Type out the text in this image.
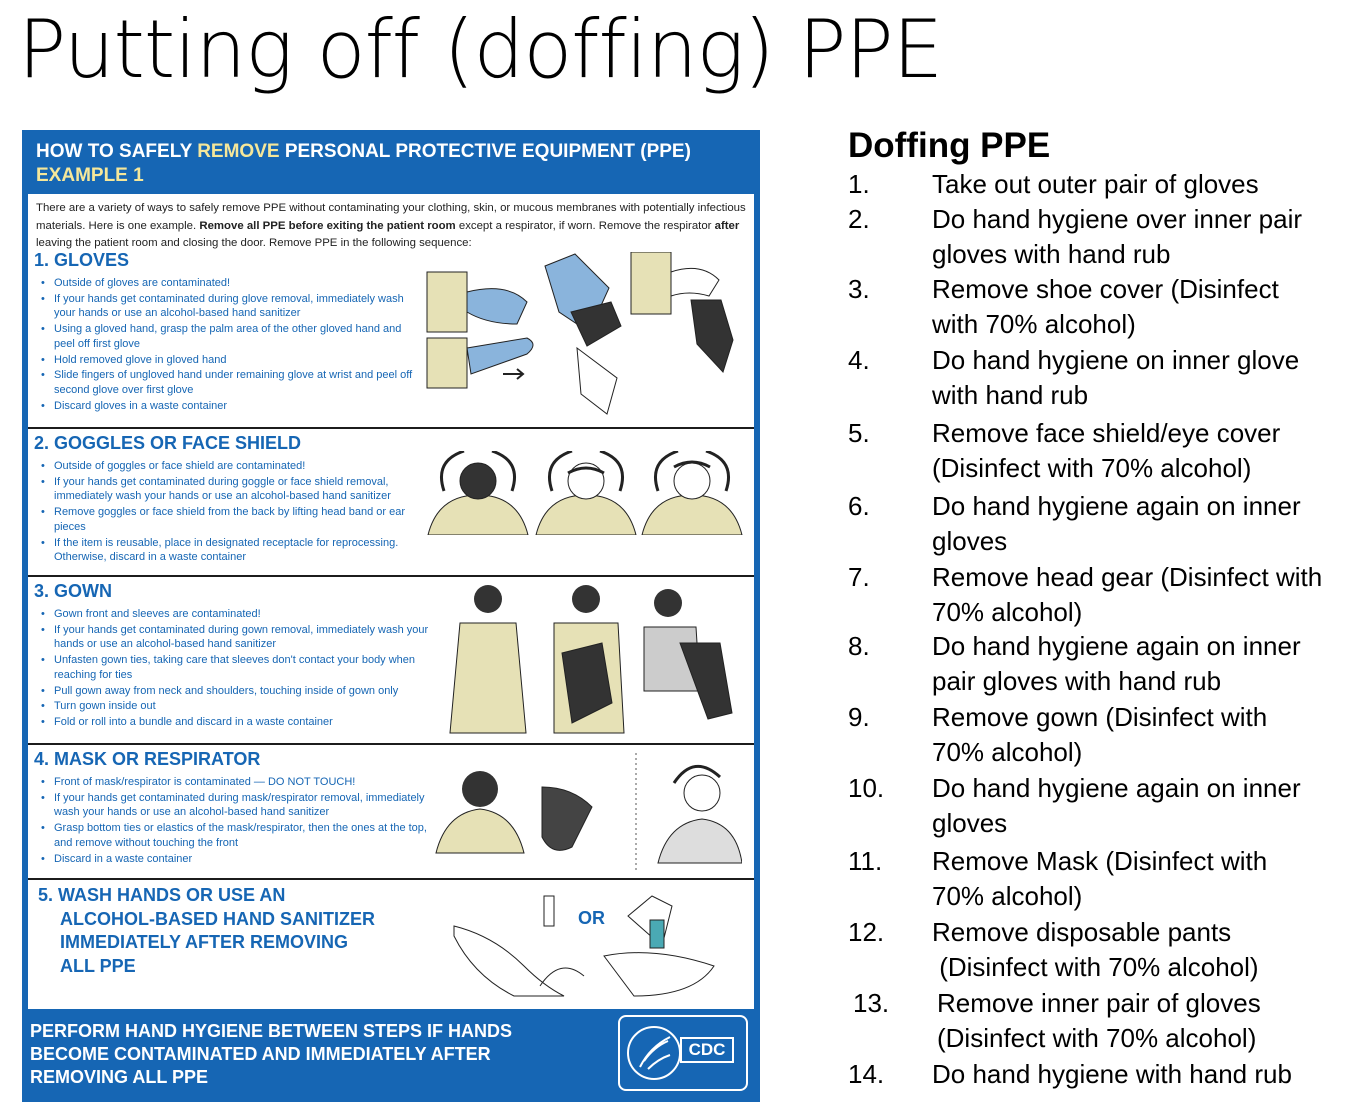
Putting off (doffing) PPE
HOW TO SAFELY REMOVE PERSONAL PROTECTIVE EQUIPMENT (PPE)
EXAMPLE 1

There are a variety of ways to safely remove PPE without contaminating your clothing, skin, or mucous membranes with potentially infectious materials. Here is one example. Remove all PPE before exiting the patient room except a respirator, if worn. Remove the respirator after leaving the patient room and closing the door. Remove PPE in the following sequence:

1. GLOVES
• Outside of gloves are contaminated!
• If your hands get contaminated during glove removal, immediately wash your hands or use an alcohol-based hand sanitizer
• Using a gloved hand, grasp the palm area of the other gloved hand and peel off first glove
• Hold removed glove in gloved hand
• Slide fingers of ungloved hand under remaining glove at wrist and peel off second glove over first glove
• Discard gloves in a waste container
2. GOGGLES OR FACE SHIELD
• Outside of goggles or face shield are contaminated!
• If your hands get contaminated during goggle or face shield removal, immediately wash your hands or use an alcohol-based hand sanitizer
• Remove goggles or face shield from the back by lifting head band or ear pieces
• If the item is reusable, place in designated receptacle for reprocessing. Otherwise, discard in a waste container
3. GOWN
• Gown front and sleeves are contaminated!
• If your hands get contaminated during gown removal, immediately wash your hands or use an alcohol-based hand sanitizer
• Unfasten gown ties, taking care that sleeves don't contact your body when reaching for ties
• Pull gown away from neck and shoulders, touching inside of gown only
• Turn gown inside out
• Fold or roll into a bundle and discard in a waste container
4. MASK OR RESPIRATOR
• Front of mask/respirator is contaminated — DO NOT TOUCH!
• If your hands get contaminated during mask/respirator removal, immediately wash your hands or use an alcohol-based hand sanitizer
• Grasp bottom ties or elastics of the mask/respirator, then the ones at the top, and remove without touching the front
• Discard in a waste container
5. WASH HANDS OR USE AN
ALCOHOL-BASED HAND SANITIZER
IMMEDIATELY AFTER REMOVING
ALL PPE
OR
PERFORM HAND HYGIENE BETWEEN STEPS IF HANDS
BECOME CONTAMINATED AND IMMEDIATELY AFTER
REMOVING ALL PPE
CDC
Doffing PPE
1. Take out outer pair of gloves
2. Do hand hygiene over inner pair
gloves with hand rub
3. Remove shoe cover (Disinfect
with 70% alcohol)
4. Do hand hygiene on inner glove
with hand rub
5. Remove face shield/eye cover
(Disinfect with 70% alcohol)
6. Do hand hygiene again on inner
gloves
7. Remove head gear (Disinfect with
70% alcohol)
8. Do hand hygiene again on inner
pair gloves with hand rub
9. Remove gown (Disinfect with
70% alcohol)
10. Do hand hygiene again on inner
gloves
11. Remove Mask (Disinfect with
70% alcohol)
12. Remove disposable pants
(Disinfect with 70% alcohol)
13. Remove inner pair of gloves
(Disinfect with 70% alcohol)
14. Do hand hygiene with hand rub
